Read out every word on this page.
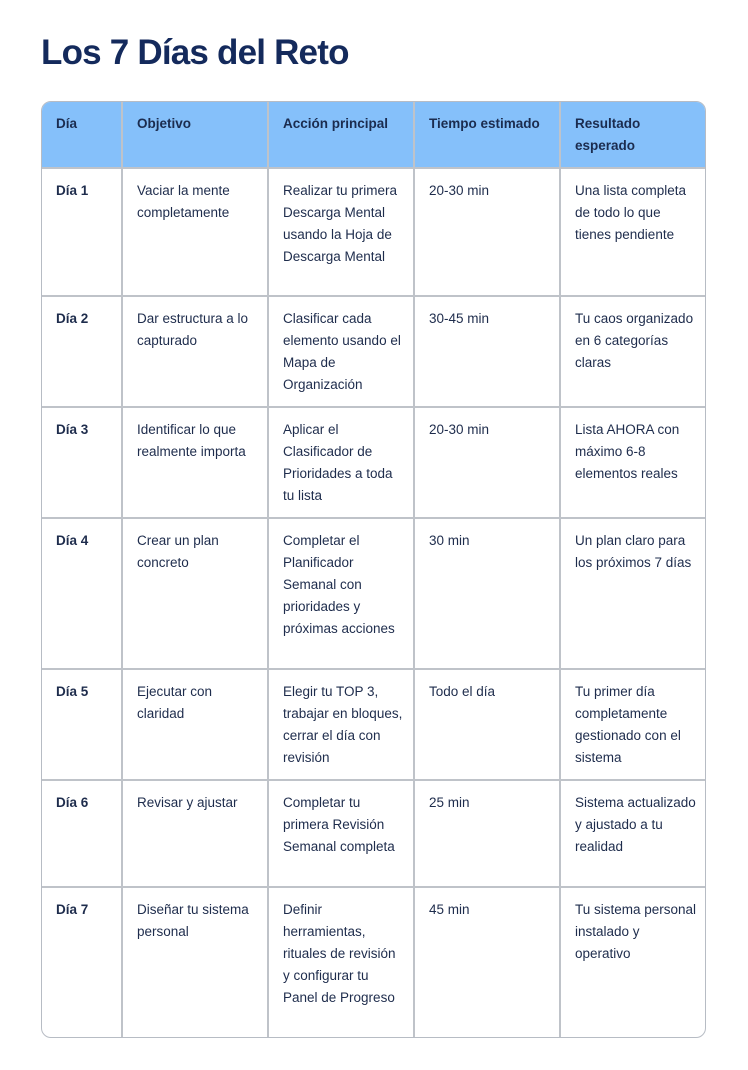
Los 7 Días del Reto
Día	Objetivo	Acción principal	Tiempo estimado	Resultado esperado
Día 1	Vaciar la mente completamente	Realizar tu primera Descarga Mental usando la Hoja de Descarga Mental	20-30 min	Una lista completa de todo lo que tienes pendiente
Día 2	Dar estructura a lo capturado	Clasificar cada elemento usando el Mapa de Organización	30-45 min	Tu caos organizado en 6 categorías claras
Día 3	Identificar lo que realmente importa	Aplicar el Clasificador de Prioridades a toda tu lista	20-30 min	Lista AHORA con máximo 6-8 elementos reales
Día 4	Crear un plan concreto	Completar el Planificador Semanal con prioridades y próximas acciones	30 min	Un plan claro para los próximos 7 días
Día 5	Ejecutar con claridad	Elegir tu TOP 3, trabajar en bloques, cerrar el día con revisión	Todo el día	Tu primer día completamente gestionado con el sistema
Día 6	Revisar y ajustar	Completar tu primera Revisión Semanal completa	25 min	Sistema actualizado y ajustado a tu realidad
Día 7	Diseñar tu sistema personal	Definir herramientas, rituales de revisión y configurar tu Panel de Progreso	45 min	Tu sistema personal instalado y operativo
